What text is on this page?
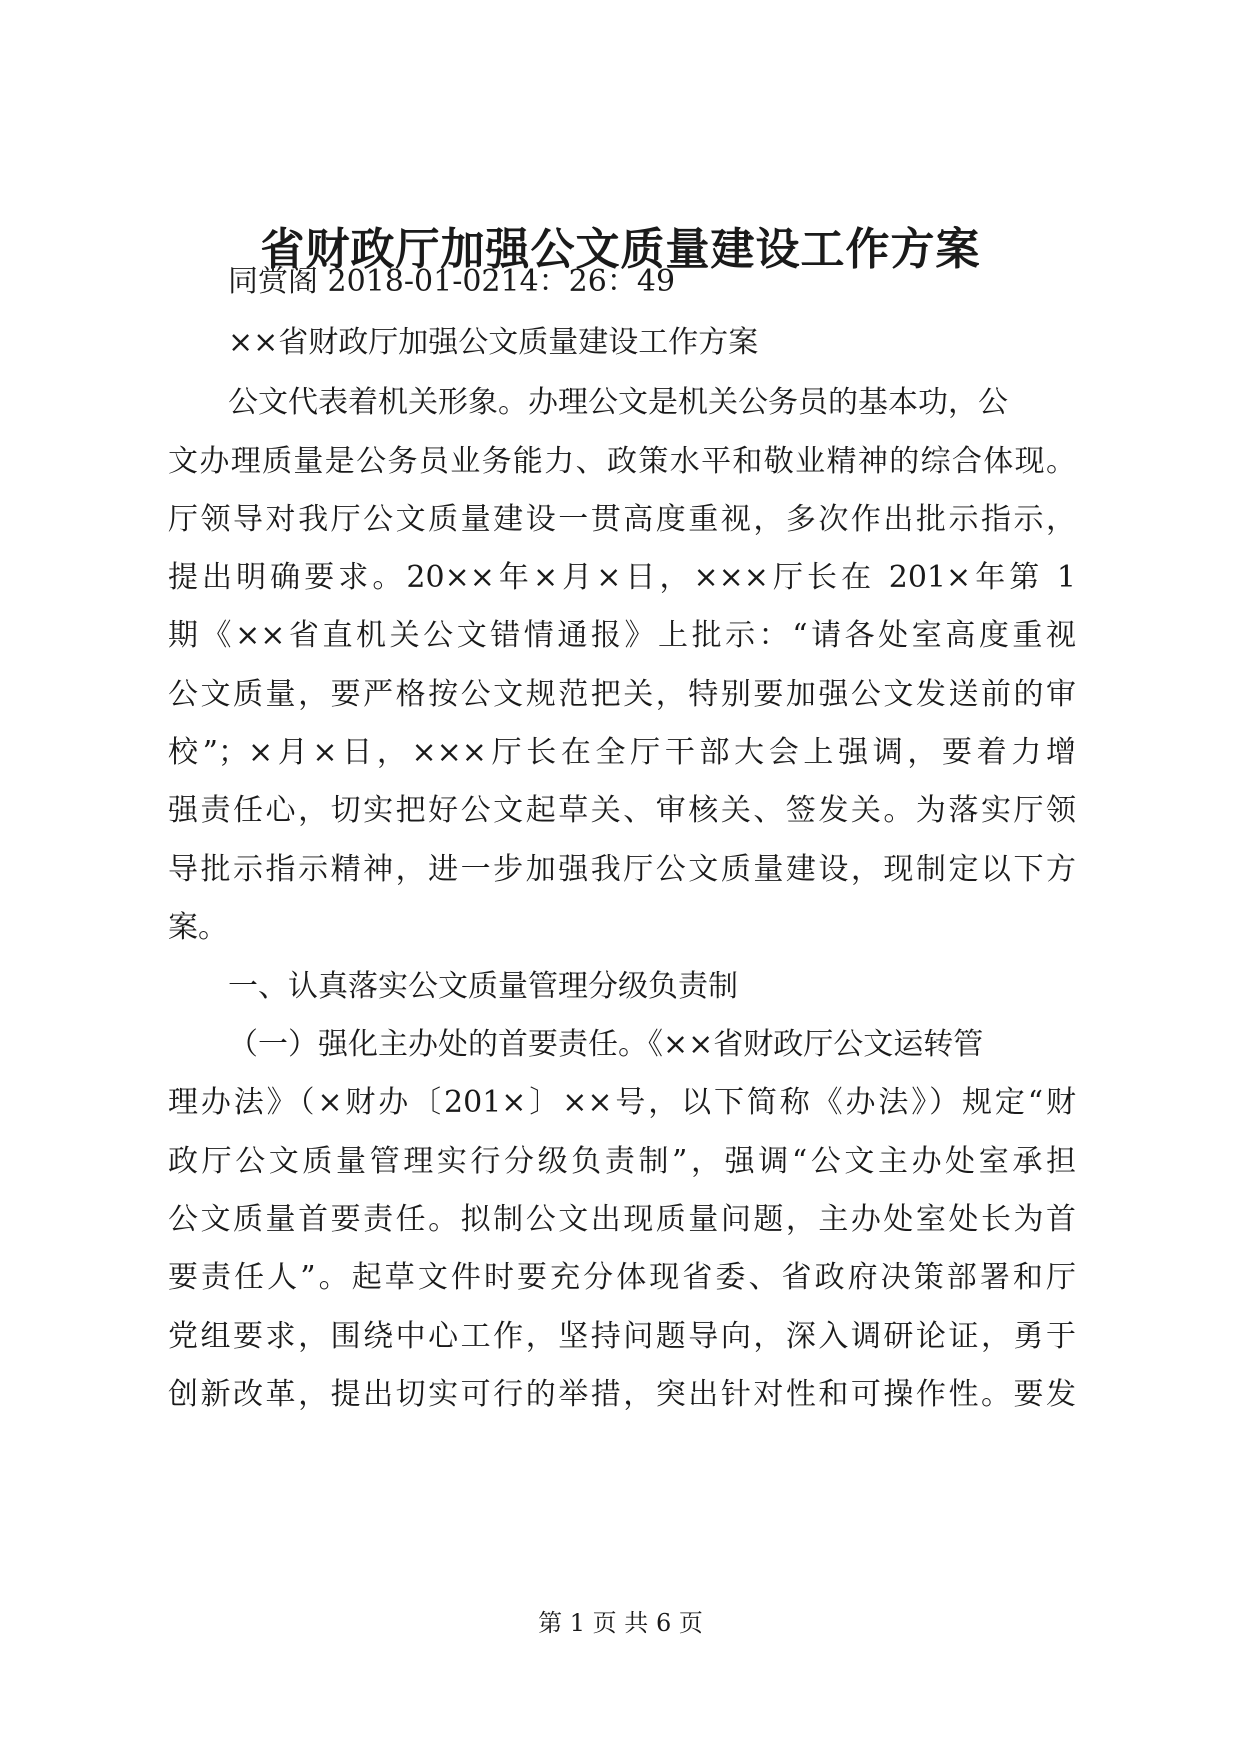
省财政厅加强公文质量建设工作方案
同赏阁 2018-01-0214：26：49
××省财政厅加强公文质量建设工作方案
公文代表着机关形象。办理公文是机关公务员的基本功，公
文办理质量是公务员业务能力、政策水平和敬业精神的综合体现。
厅领导对我厅公文质量建设一贯高度重视，多次作出批示指示，
提出明确要求。20××年×月×日，×××厅长在 201×年第 1
期《××省直机关公文错情通报》上批示：“请各处室高度重视
公文质量，要严格按公文规范把关，特别要加强公文发送前的审
校”；×月×日，×××厅长在全厅干部大会上强调，要着力增
强责任心，切实把好公文起草关、审核关、签发关。为落实厅领
导批示指示精神，进一步加强我厅公文质量建设，现制定以下方
案。
一、认真落实公文质量管理分级负责制
（一）强化主办处的首要责任。《××省财政厅公文运转管
理办法》（×财办〔201×〕××号，以下简称《办法》）规定“财
政厅公文质量管理实行分级负责制”，强调“公文主办处室承担
公文质量首要责任。拟制公文出现质量问题，主办处室处长为首
要责任人”。起草文件时要充分体现省委、省政府决策部署和厅
党组要求，围绕中心工作，坚持问题导向，深入调研论证，勇于
创新改革，提出切实可行的举措，突出针对性和可操作性。要发
第 1 页 共 6 页
